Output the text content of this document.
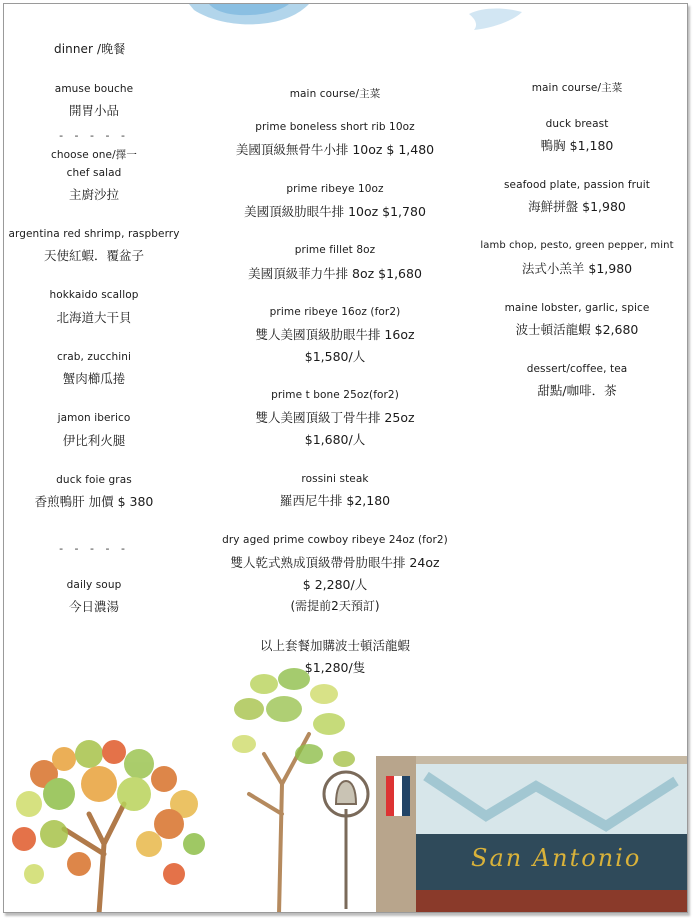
dinner /晚餐
amuse bouche
開胃小品
- - - - -
choose one/擇一
chef salad
主廚沙拉
argentina red shrimp, raspberry
天使紅蝦．覆盆子
hokkaido scallop
北海道大干貝
crab, zucchini
蟹肉櫛瓜捲
jamon iberico
伊比利火腿
duck foie gras
香煎鴨肝 加價 $ 380
- - - - -
daily soup
今日濃湯
main course/主菜
prime boneless short rib 10oz
美國頂級無骨牛小排 10oz $ 1,480
prime ribeye 10oz
美國頂級肋眼牛排 10oz $1,780
prime fillet 8oz
美國頂級菲力牛排 8oz $1,680
prime ribeye 16oz (for2)
雙人美國頂級肋眼牛排 16oz
$1,580/人
prime t bone 25oz(for2)
雙人美國頂級丁骨牛排 25oz
$1,680/人
rossini steak
羅西尼牛排 $2,180
dry aged prime cowboy ribeye 24oz (for2)
雙人乾式熟成頂級帶骨肋眼牛排 24oz
$ 2,280/人
(需提前2天預訂)
以上套餐加購波士頓活龍蝦
$1,280/隻
main course/主菜
duck breast
鴨胸 $1,180
seafood plate, passion fruit
海鮮拼盤 $1,980
lamb chop, pesto, green pepper, mint
法式小羔羊 $1,980
maine lobster, garlic, spice
波士頓活龍蝦 $2,680
dessert/coffee, tea
甜點/咖啡．茶
San Antonio
